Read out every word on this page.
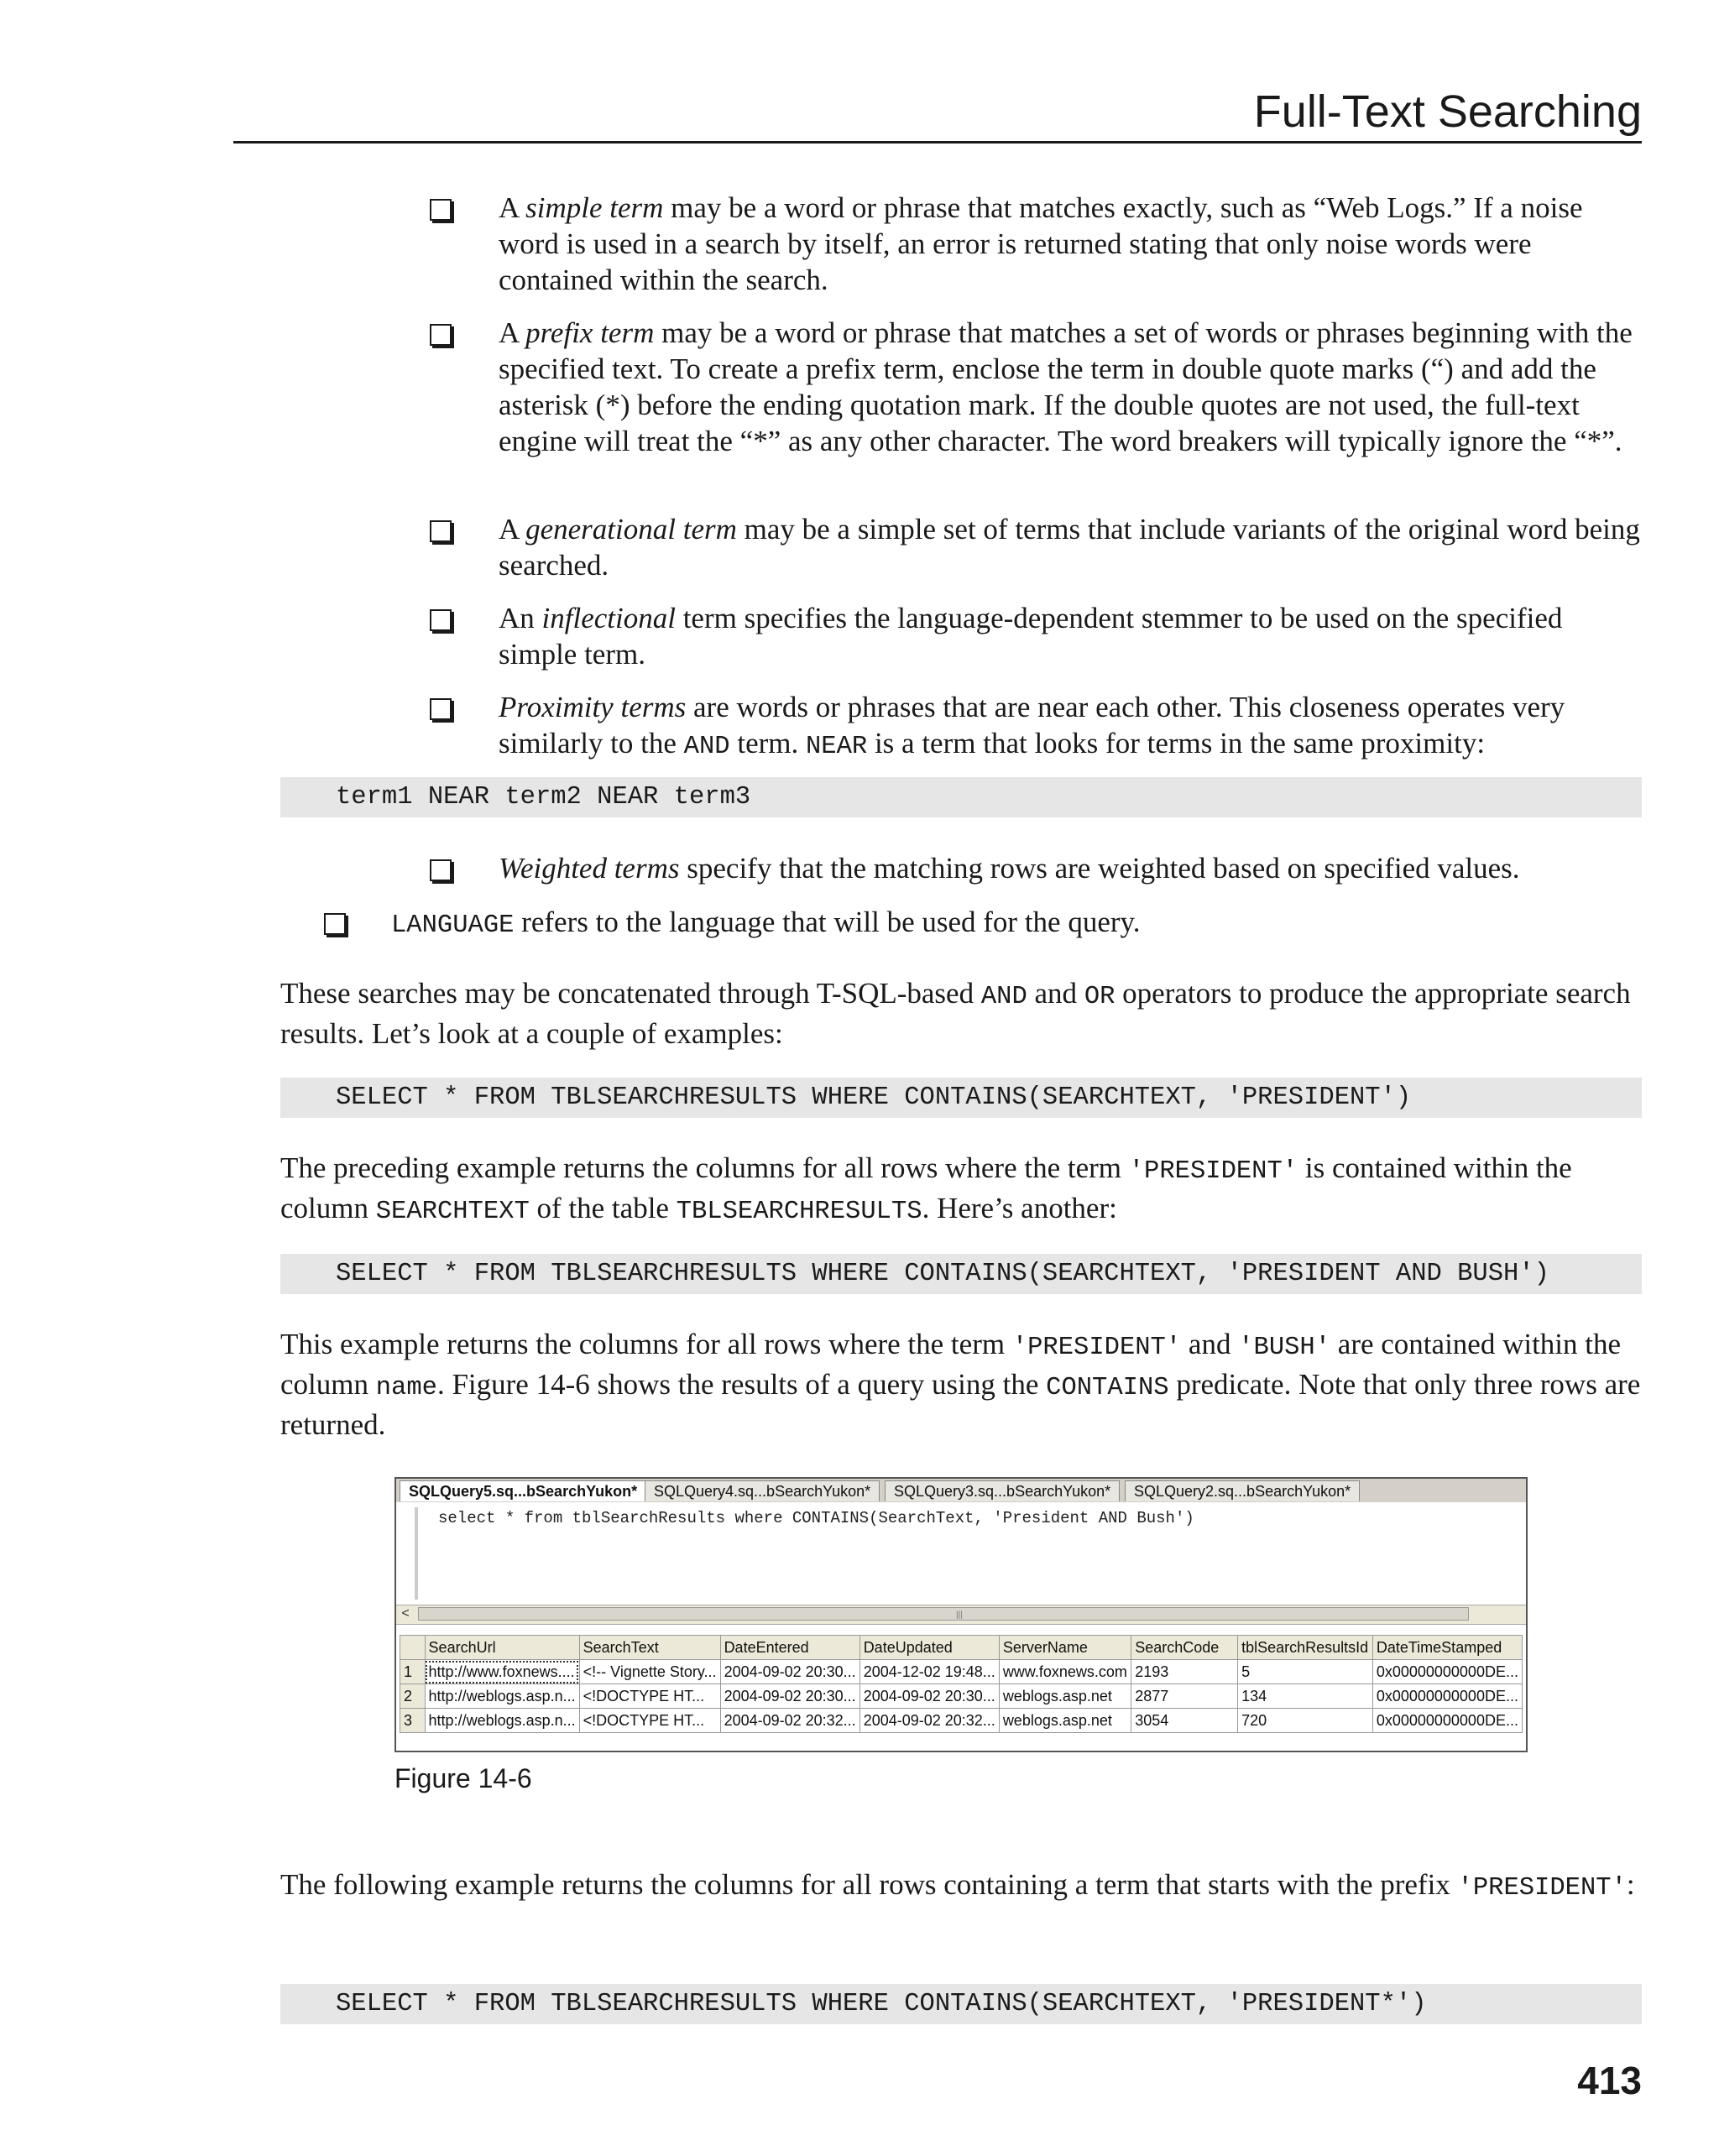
Full-Text Searching
A simple term may be a word or phrase that matches exactly, such as “Web Logs.” If a noise word is used in a search by itself, an error is returned stating that only noise words were contained within the search.
A prefix term may be a word or phrase that matches a set of words or phrases beginning with the specified text. To create a prefix term, enclose the term in double quote marks (“) and add the asterisk (*) before the ending quotation mark. If the double quotes are not used, the full-text engine will treat the “*” as any other character. The word breakers will typically ignore the “*”.
A generational term may be a simple set of terms that include variants of the original word being searched.
An inflectional term specifies the language-dependent stemmer to be used on the specified simple term.
Proximity terms are words or phrases that are near each other. This closeness operates very similarly to the AND term. NEAR is a term that looks for terms in the same proximity:
term1 NEAR term2 NEAR term3
Weighted terms specify that the matching rows are weighted based on specified values.
LANGUAGE refers to the language that will be used for the query.
These searches may be concatenated through T-SQL-based AND and OR operators to produce the appropriate search results. Let’s look at a couple of examples:
SELECT * FROM TBLSEARCHRESULTS WHERE CONTAINS(SEARCHTEXT, 'PRESIDENT')
The preceding example returns the columns for all rows where the term 'PRESIDENT' is contained within the column SEARCHTEXT of the table TBLSEARCHRESULTS. Here’s another:
SELECT * FROM TBLSEARCHRESULTS WHERE CONTAINS(SEARCHTEXT, 'PRESIDENT AND BUSH')
This example returns the columns for all rows where the term 'PRESIDENT' and 'BUSH' are contained within the column name. Figure 14-6 shows the results of a query using the CONTAINS predicate. Note that only three rows are returned.
SQLQuery5.sq...bSearchYukon*	SQLQuery4.sq...bSearchYukon*	SQLQuery3.sq...bSearchYukon*	SQLQuery2.sq...bSearchYukon*
select * from tblSearchResults where CONTAINS(SearchText, 'President AND Bush')
<	|||
	SearchUrl	SearchText	DateEntered	DateUpdated	ServerName	SearchCode	tblSearchResultsId	DateTimeStamped
1	http://www.foxnews....	<!-- Vignette Story...	2004-09-02 20:30...	2004-12-02 19:48...	www.foxnews.com	2193	5	0x00000000000DE...
2	http://weblogs.asp.n...	<!DOCTYPE HT...	2004-09-02 20:30...	2004-09-02 20:30...	weblogs.asp.net	2877	134	0x00000000000DE...
3	http://weblogs.asp.n...	<!DOCTYPE HT...	2004-09-02 20:32...	2004-09-02 20:32...	weblogs.asp.net	3054	720	0x00000000000DE...
Figure 14-6
The following example returns the columns for all rows containing a term that starts with the prefix 'PRESIDENT':
SELECT * FROM TBLSEARCHRESULTS WHERE CONTAINS(SEARCHTEXT, 'PRESIDENT*')
413
